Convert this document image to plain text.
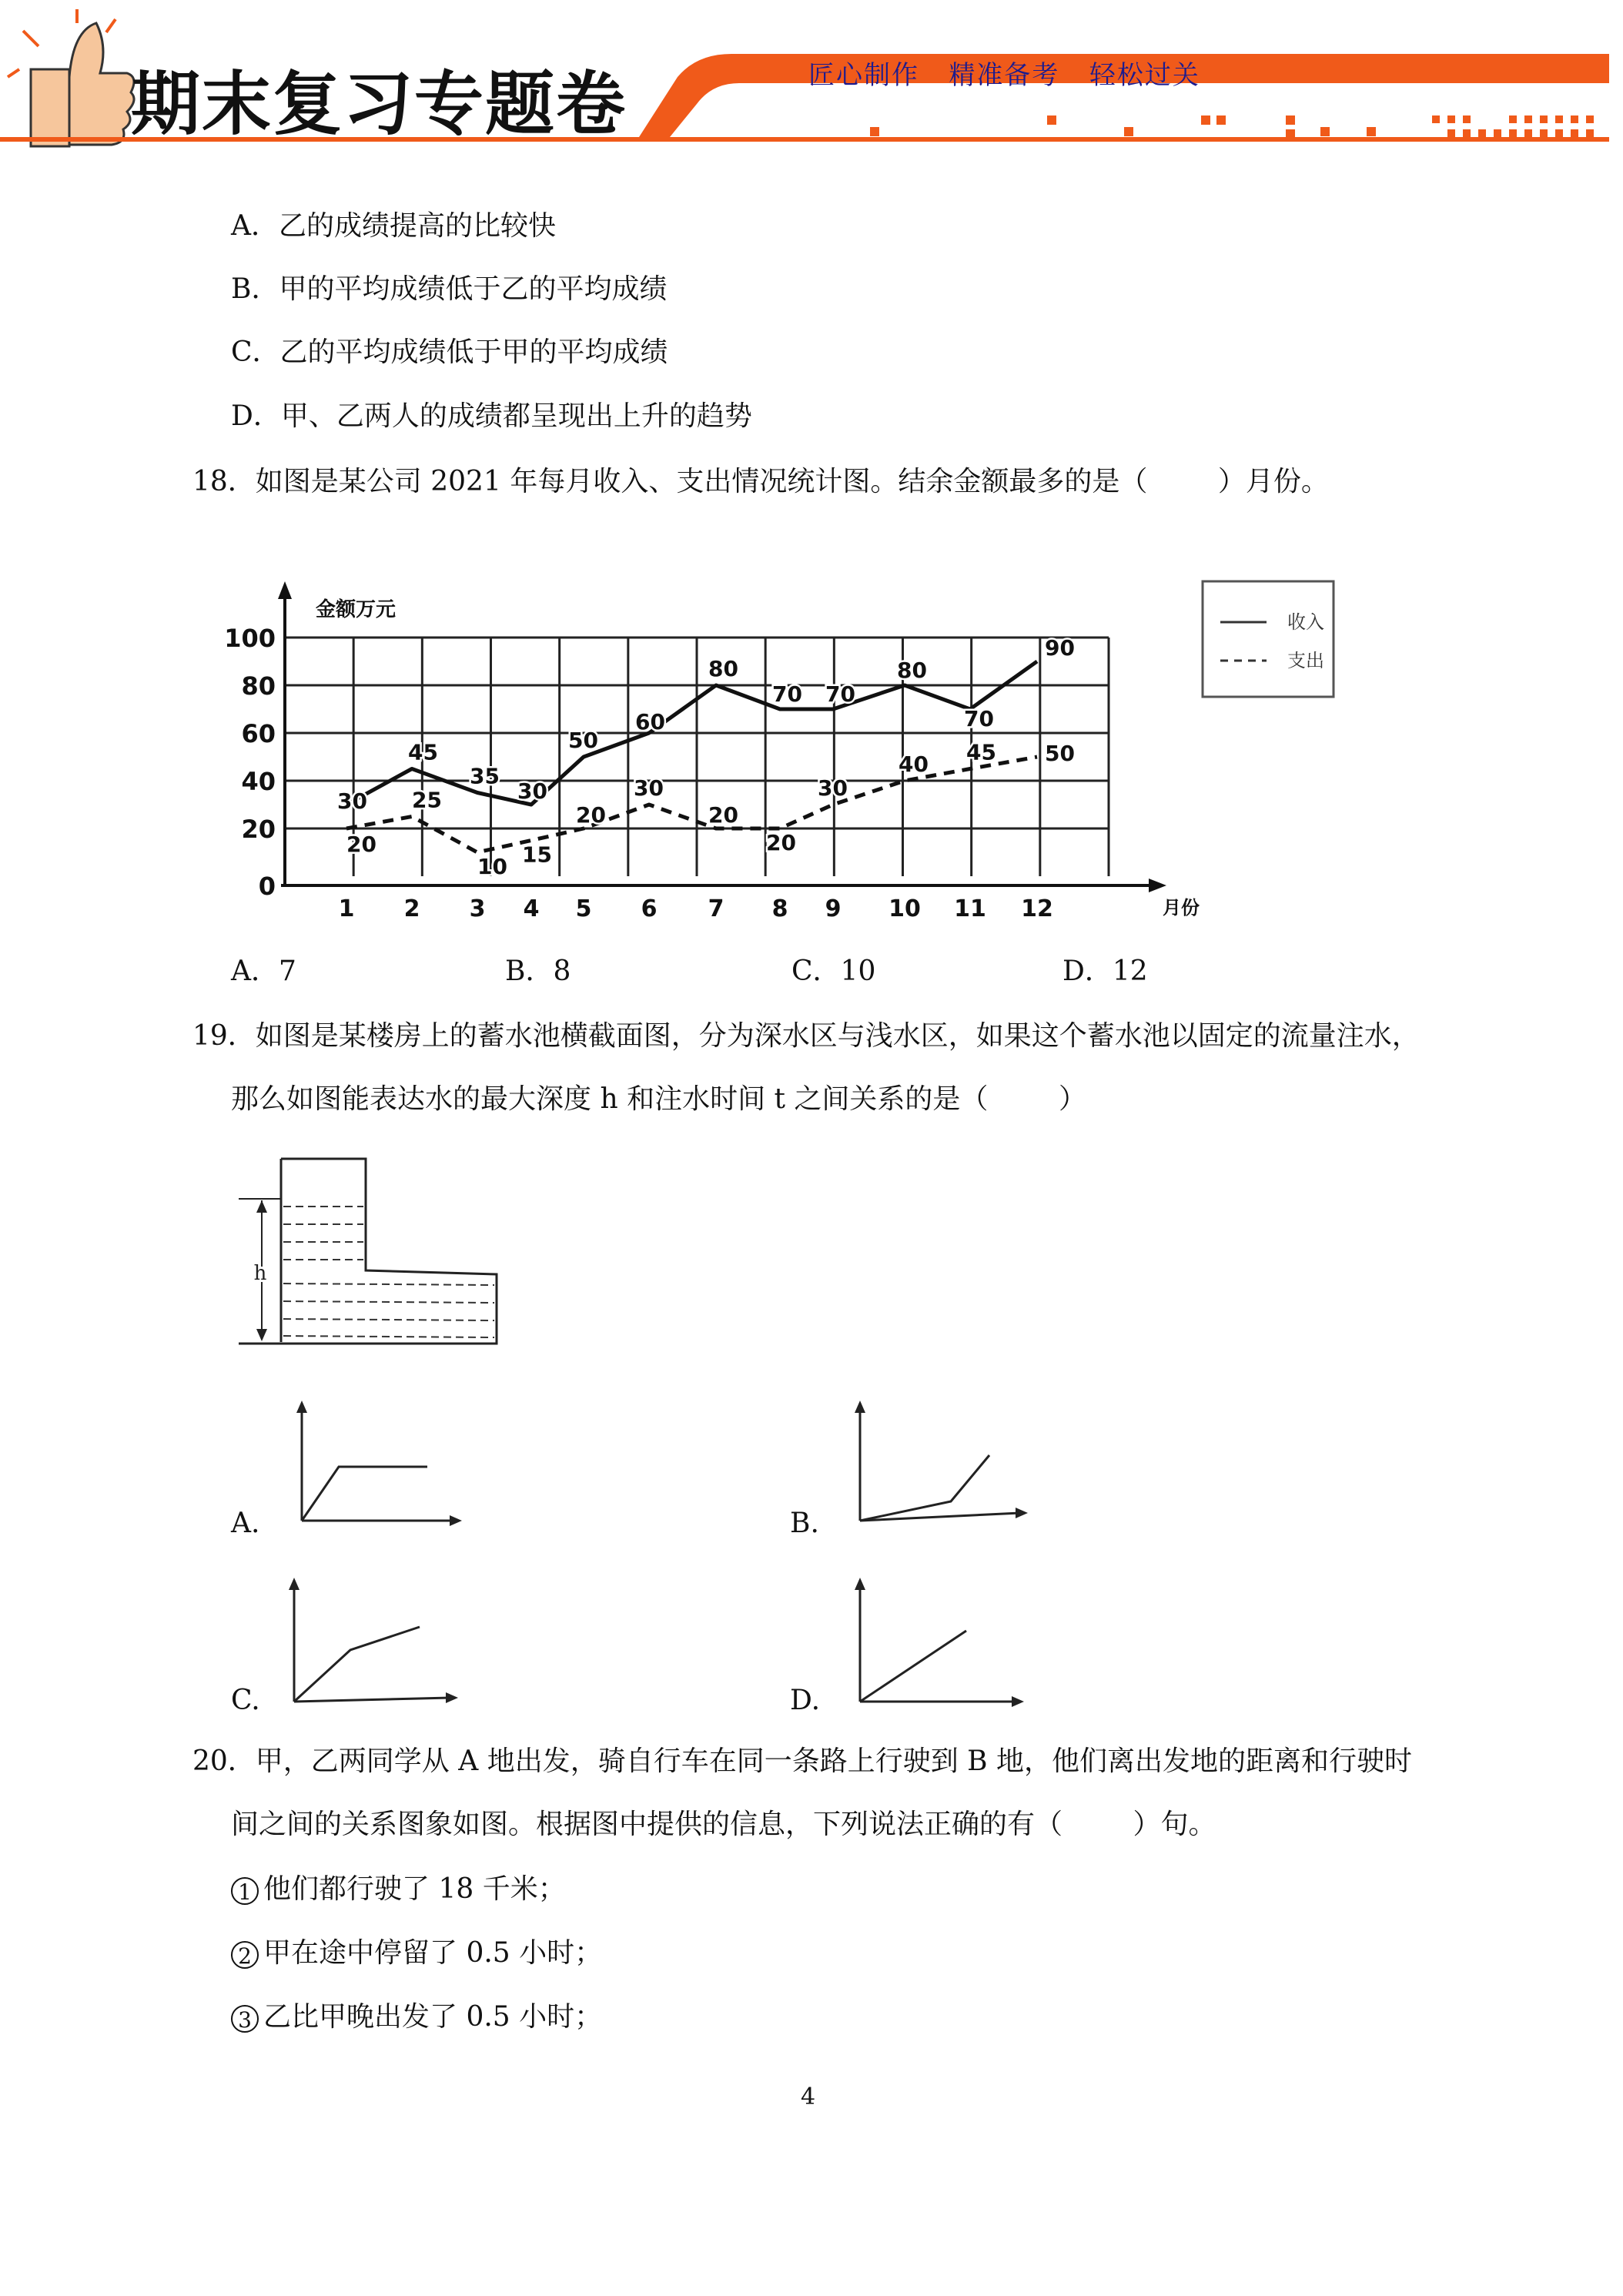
期末复习专题卷	匠心制作   精准备考   轻松过关
A．乙的成绩提高的比较快
B．甲的平均成绩低于乙的平均成绩
C．乙的平均成绩低于甲的平均成绩
D．甲、乙两人的成绩都呈现出上升的趋势
18．如图是某公司 2021 年每月收入、支出情况统计图。结余金额最多的是（        ）月份。
0
20
40
60
80
100
金额万元
月份
1 2 3 4 5 6 7 8 9 10 11 12
30
45
35
30
50
60
80
70 70
80
70
90
20
25
10 15
20
30
20
20
30
40 45 50
收入
支出
A．7	B．8	C．10	D．12
19．如图是某楼房上的蓄水池横截面图，分为深水区与浅水区，如果这个蓄水池以固定的流量注水，
那么如图能表达水的最大深度 h 和注水时间 t 之间关系的是（        ）
h
A.	B.
C.	D.
20．甲，乙两同学从 A 地出发，骑自行车在同一条路上行驶到 B 地，他们离出发地的距离和行驶时
间之间的关系图象如图。根据图中提供的信息，下列说法正确的有（        ）句。
1 他们都行驶了 18 千米；
2 甲在途中停留了 0.5 小时；
3 乙比甲晚出发了 0.5 小时；
4
